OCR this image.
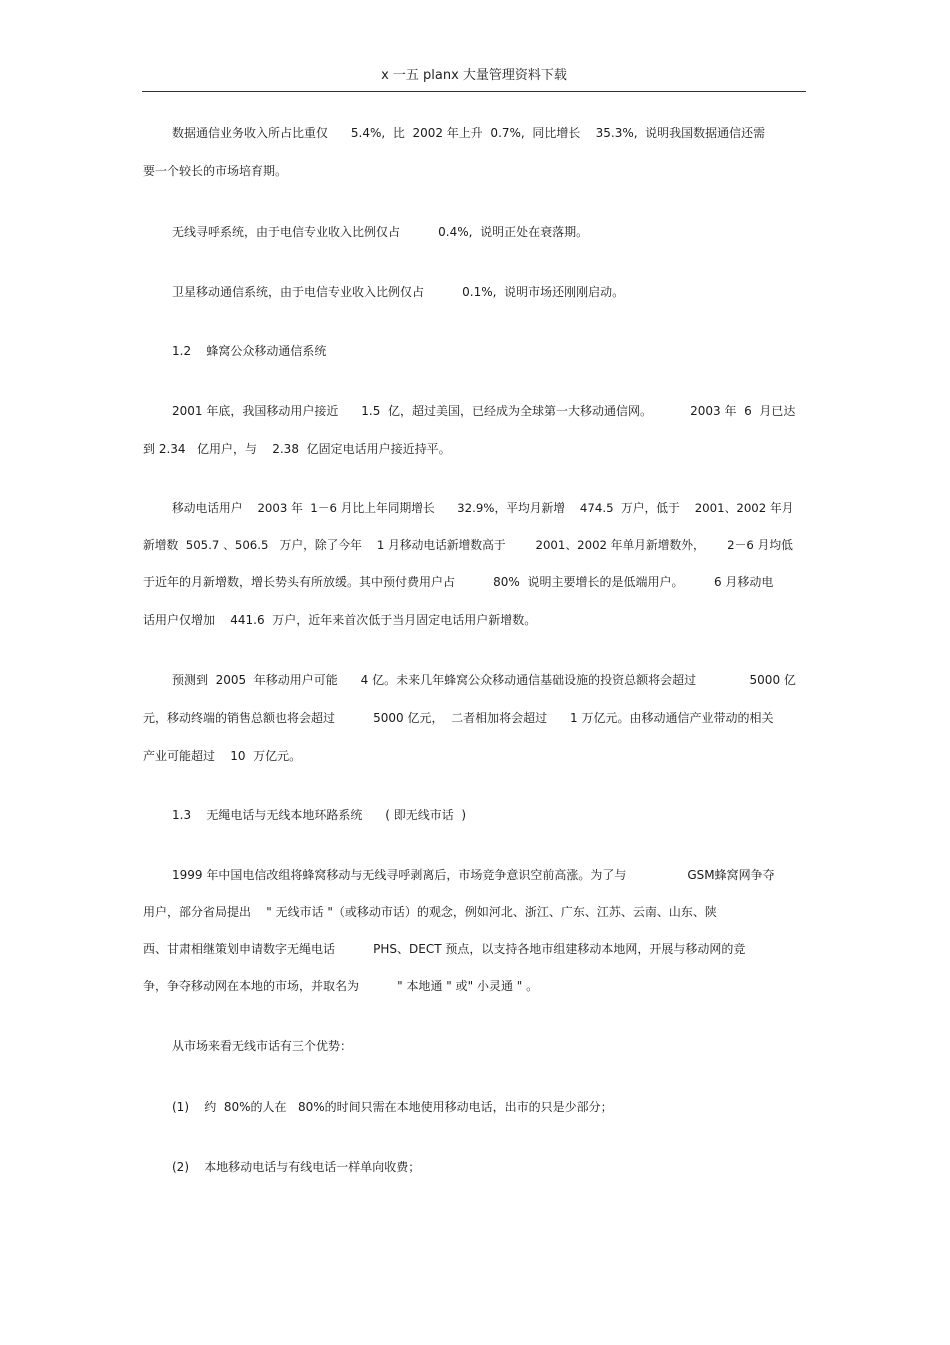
x 一五 planx 大量管理资料下载
数据通信业务收入所占比重仅      5.4%,  比  2002 年上升  0.7%,  同比增长    35.3%,  说明我国数据通信还需
要一个较长的市场培育期。
无线寻呼系统，由于电信专业收入比例仅占          0.4%,  说明正处在衰落期。
卫星移动通信系统，由于电信专业收入比例仅占          0.1%,  说明市场还刚刚启动。
1.2    蜂窝公众移动通信系统
2001 年底，我国移动用户接近      1.5  亿，超过美国，已经成为全球第一大移动通信网。          2003 年  6  月已达
到 2.34   亿用户，与    2.38  亿固定电话用户接近持平。
移动电话用户    2003 年  1－6 月比上年同期增长      32.9%，平均月新增    474.5  万户，低于    2001、2002 年月
新增数  505.7 、506.5   万户，除了今年    1 月移动电话新增数高于        2001、2002 年单月新增数外，      2－6 月均低
于近年的月新增数，增长势头有所放缓。其中预付费用户占          80%  说明主要增长的是低端用户。        6 月移动电
话用户仅增加    441.6  万户，近年来首次低于当月固定电话用户新增数。
预测到  2005  年移动用户可能      4 亿。未来几年蜂窝公众移动通信基础设施的投资总额将会超过              5000 亿
元，移动终端的销售总额也将会超过          5000 亿元，  二者相加将会超过      1 万亿元。由移动通信产业带动的相关
产业可能超过    10  万亿元。
1.3    无绳电话与无线本地环路系统      ( 即无线市话  )
1999 年中国电信改组将蜂窝移动与无线寻呼剥离后，市场竞争意识空前高涨。为了与                GSM蜂窝网争夺
用户，部分省局提出    " 无线市话 "（或移动市话）的观念，例如河北、浙江、广东、江苏、云南、山东、陕
西、甘肃相继策划申请数字无绳电话          PHS、DECT 预点，以支持各地市组建移动本地网，开展与移动网的竞
争，争夺移动网在本地的市场，并取名为          " 本地通 " 或" 小灵通 " 。
从市场来看无线市话有三个优势：
(1)    约  80%的人在   80%的时间只需在本地使用移动电话，出市的只是少部分；
(2)    本地移动电话与有线电话一样单向收费；
